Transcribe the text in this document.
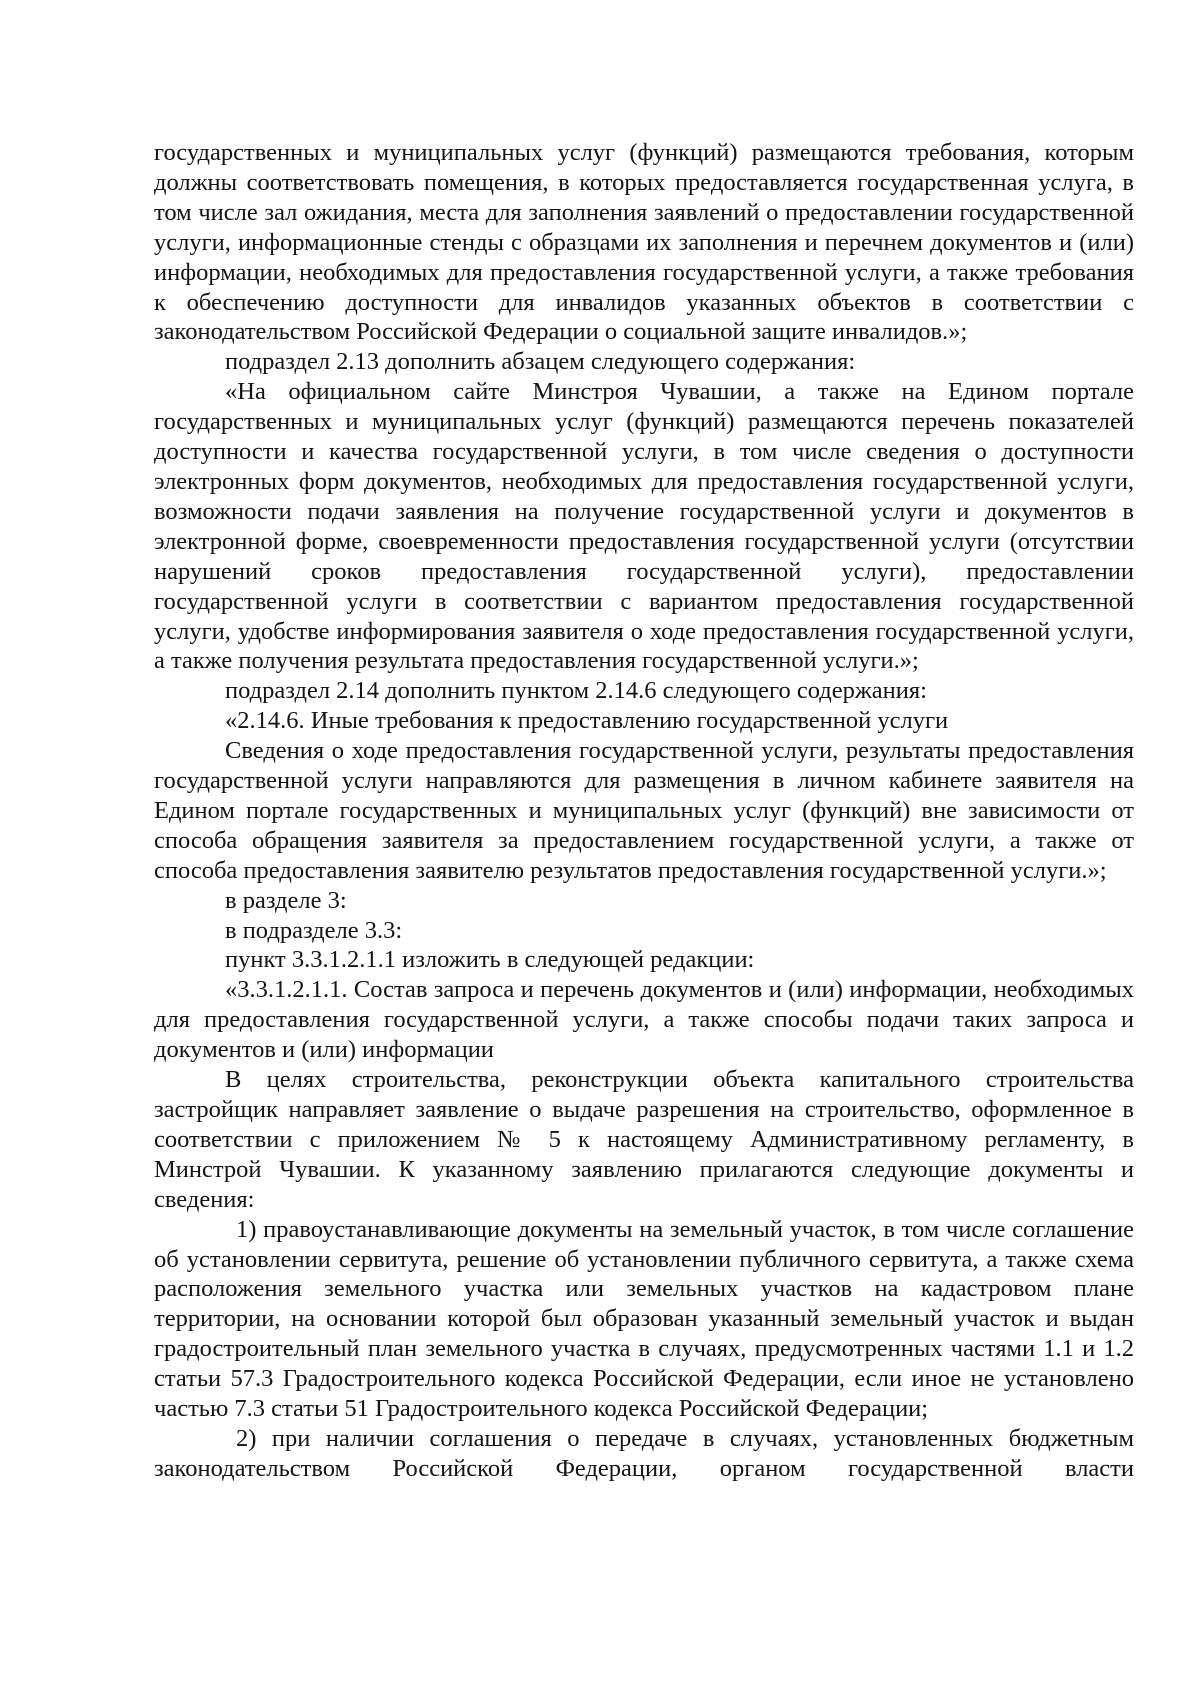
государственных и муниципальных услуг (функций) размещаются требования, которым должны соответствовать помещения, в которых предоставляется государственная услуга, в том числе зал ожидания, места для заполнения заявлений о предоставлении государственной услуги, информационные стенды с образцами их заполнения и перечнем документов и (или) информации, необходимых для предоставления государственной услуги, а также требования к обеспечению доступности для инвалидов указанных объектов в соответствии с законодательством Российской Федерации о социальной защите инвалидов.»;

подраздел 2.13 дополнить абзацем следующего содержания:

«На официальном сайте Минстроя Чувашии, а также на Едином портале государственных и муниципальных услуг (функций) размещаются перечень показателей доступности и качества государственной услуги, в том числе сведения о доступности электронных форм документов, необходимых для предоставления государственной услуги, возможности подачи заявления на получение государственной услуги и документов в электронной форме, своевременности предоставления государственной услуги (отсутствии нарушений сроков предоставления государственной услуги), предоставлении государственной услуги в соответствии с вариантом предоставления государственной услуги, удобстве информирования заявителя о ходе предоставления государственной услуги, а также получения результата предоставления государственной услуги.»;

подраздел 2.14 дополнить пунктом 2.14.6 следующего содержания:

«2.14.6. Иные требования к предоставлению государственной услуги

Сведения о ходе предоставления государственной услуги, результаты предоставления государственной услуги направляются для размещения в личном кабинете заявителя на Едином портале государственных и муниципальных услуг (функций) вне зависимости от способа обращения заявителя за предоставлением государственной услуги, а также от способа предоставления заявителю результатов предоставления государственной услуги.»;

в разделе 3:

в подразделе 3.3:

пункт 3.3.1.2.1.1 изложить в следующей редакции:

«3.3.1.2.1.1. Состав запроса и перечень документов и (или) информации, необходимых для предоставления государственной услуги, а также способы подачи таких запроса и документов и (или) информации

В целях строительства, реконструкции объекта капитального строительства застройщик направляет заявление о выдаче разрешения на строительство, оформленное в соответствии с приложением № 5 к настоящему Административному регламенту, в Минстрой Чувашии. К указанному заявлению прилагаются следующие документы и сведения:

1) правоустанавливающие документы на земельный участок, в том числе соглашение об установлении сервитута, решение об установлении публичного сервитута, а также схема расположения земельного участка или земельных участков на кадастровом плане территории, на основании которой был образован указанный земельный участок и выдан градостроительный план земельного участка в случаях, предусмотренных частями 1.1 и 1.2 статьи 57.3 Градостроительного кодекса Российской Федерации, если иное не установлено частью 7.3 статьи 51 Градостроительного кодекса Российской Федерации;

2) при наличии соглашения о передаче в случаях, установленных бюджетным законодательством Российской Федерации, органом государственной власти
